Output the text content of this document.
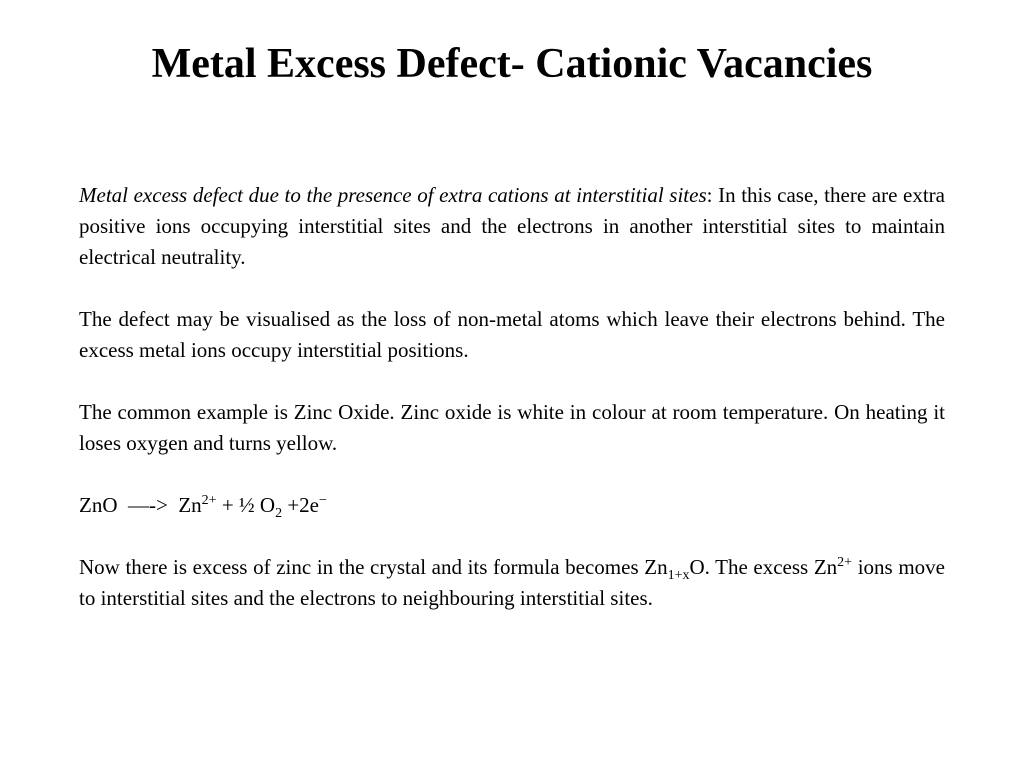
Metal Excess Defect- Cationic Vacancies

Metal excess defect due to the presence of extra cations at interstitial sites: In this case, there are extra positive ions occupying interstitial sites and the electrons in another interstitial sites to maintain electrical neutrality.

The defect may be visualised as the loss of non-metal atoms which leave their electrons behind. The excess metal ions occupy interstitial positions.

The common example is Zinc Oxide. Zinc oxide is white in colour at room temperature. On heating it loses oxygen and turns yellow.

ZnO  —->  $Zn^{2+}$ + ½ $O_2 +2e^-$

Now there is excess of zinc in the crystal and its formula becomes $Zn_{1+x}O$. The excess $Zn^{2+}$ ions move to interstitial sites and the electrons to neighbouring interstitial sites.
